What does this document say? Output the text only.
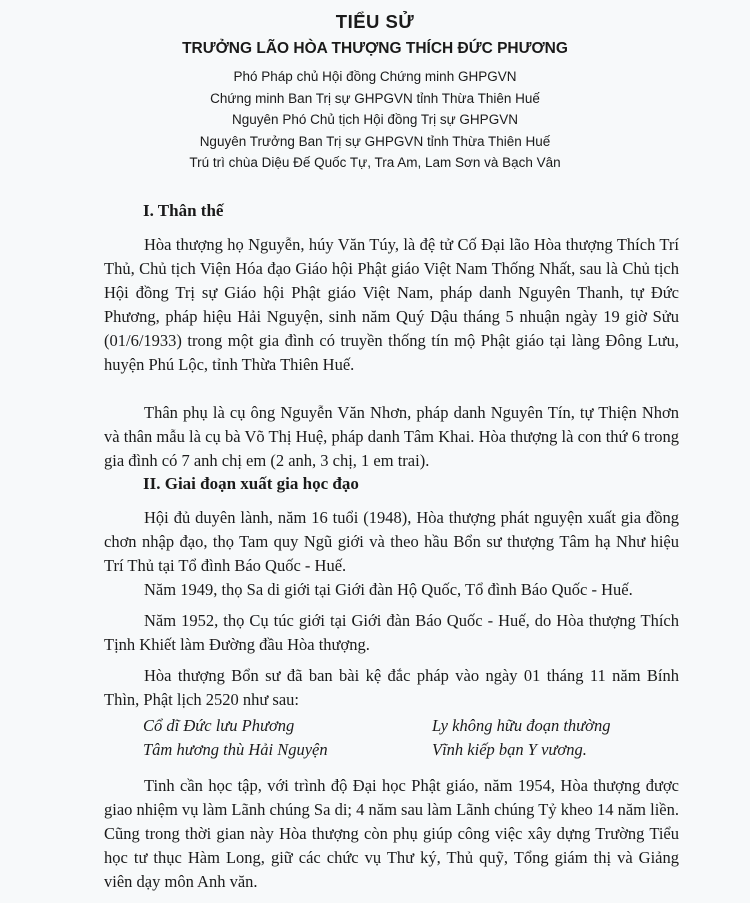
TIỂU SỬ
TRƯỞNG LÃO HÒA THƯỢNG THÍCH ĐỨC PHƯƠNG
Phó Pháp chủ Hội đồng Chứng minh GHPGVN
Chứng minh Ban Trị sự GHPGVN tỉnh Thừa Thiên Huế
Nguyên Phó Chủ tịch Hội đồng Trị sự GHPGVN
Nguyên Trưởng Ban Trị sự GHPGVN tỉnh Thừa Thiên Huế
Trú trì chùa Diệu Đế Quốc Tự, Tra Am, Lam Sơn và Bạch Vân
I. Thân thế

Hòa thượng họ Nguyễn, húy Văn Túy, là đệ tử Cố Đại lão Hòa thượng Thích Trí Thủ, Chủ tịch Viện Hóa đạo Giáo hội Phật giáo Việt Nam Thống Nhất, sau là Chủ tịch Hội đồng Trị sự Giáo hội Phật giáo Việt Nam, pháp danh Nguyên Thanh, tự Đức Phương, pháp hiệu Hải Nguyện, sinh năm Quý Dậu tháng 5 nhuận ngày 19 giờ Sửu (01/6/1933) trong một gia đình có truyền thống tín mộ Phật giáo tại làng Đông Lưu, huyện Phú Lộc, tỉnh Thừa Thiên Huế.

Thân phụ là cụ ông Nguyễn Văn Nhơn, pháp danh Nguyên Tín, tự Thiện Nhơn và thân mẫu là cụ bà Võ Thị Huệ, pháp danh Tâm Khai. Hòa thượng là con thứ 6 trong gia đình có 7 anh chị em (2 anh, 3 chị, 1 em trai).

II. Giai đoạn xuất gia học đạo

Hội đủ duyên lành, năm 16 tuổi (1948), Hòa thượng phát nguyện xuất gia đồng chơn nhập đạo, thọ Tam quy Ngũ giới và theo hầu Bổn sư thượng Tâm hạ Như hiệu Trí Thủ tại Tổ đình Báo Quốc - Huế.

Năm 1949, thọ Sa di giới tại Giới đàn Hộ Quốc, Tổ đình Báo Quốc - Huế.

Năm 1952, thọ Cụ túc giới tại Giới đàn Báo Quốc - Huế, do Hòa thượng Thích Tịnh Khiết làm Đường đầu Hòa thượng.

Hòa thượng Bổn sư đã ban bài kệ đắc pháp vào ngày 01 tháng 11 năm Bính Thìn, Phật lịch 2520 như sau:

Cổ dĩ Đức lưu Phương	Ly không hữu đoạn thường
Tâm hương thù Hải Nguyện	Vĩnh kiếp bạn Y vương.

Tinh cần học tập, với trình độ Đại học Phật giáo, năm 1954, Hòa thượng được giao nhiệm vụ làm Lãnh chúng Sa di; 4 năm sau làm Lãnh chúng Tỷ kheo 14 năm liền. Cũng trong thời gian này Hòa thượng còn phụ giúp công việc xây dựng Trường Tiểu học tư thục Hàm Long, giữ các chức vụ Thư ký, Thủ quỹ, Tổng giám thị và Giảng viên dạy môn Anh văn.
